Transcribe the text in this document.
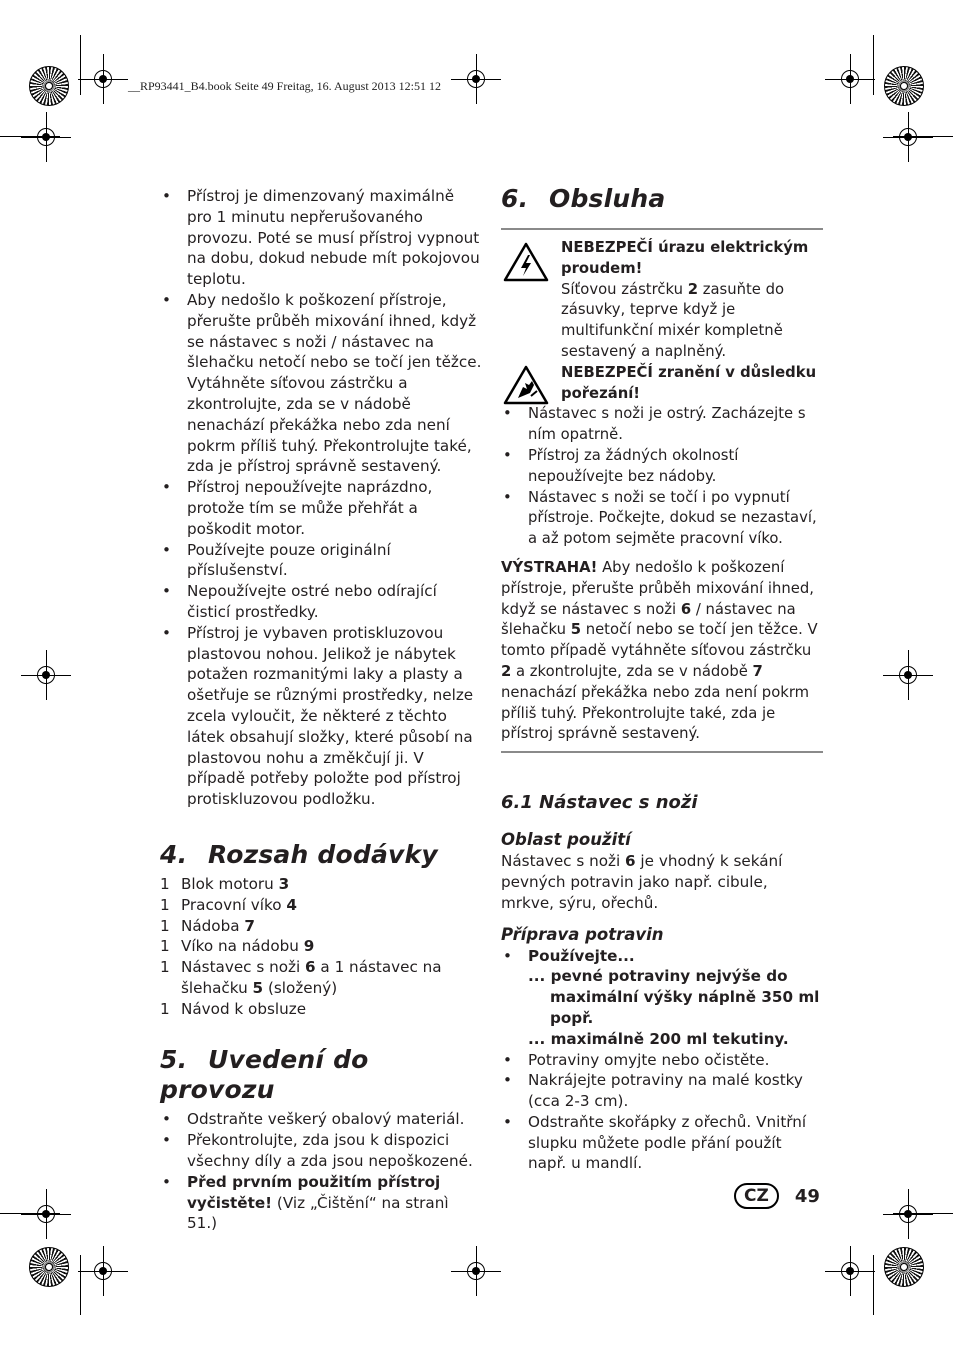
__RP93441_B4.book Seite 49 Freitag, 16. August 2013 12:51 12
• Přístroj je dimenzovaný maximálně pro 1 minutu nepřerušovaného provozu. Poté se musí přístroj vypnout na dobu, dokud nebude mít pokojovou teplotu.
• Aby nedošlo k poškození přístroje, přerušte průběh mixování ihned, když se nástavec s noži / nástavec na šlehačku netočí nebo se točí jen těžce. Vytáhněte síťovou zástrčku a zkontrolujte, zda se v nádobě nenachází překážka nebo zda není pokrm příliš tuhý. Překontrolujte také, zda je přístroj správně sestavený.
• Přístroj nepoužívejte naprázdno, protože tím se může přehřát a poškodit motor.
• Používejte pouze originální příslušenství.
• Nepoužívejte ostré nebo odírající čisticí prostředky.
• Přístroj je vybaven protiskluzovou plastovou nohou. Jelikož je nábytek potažen rozmanitými laky a plasty a ošetřuje se různými prostředky, nelze zcela vyloučit, že některé z těchto látek obsahují složky, které působí na plastovou nohu a změkčují ji. V případě potřeby položte pod přístroj protiskluzovou podložku.
4. Rozsah dodávky
1 Blok motoru 3
1 Pracovní víko 4
1 Nádoba 7
1 Víko na nádobu 9
1 Nástavec s noži 6 a 1 nástavec na šlehačku 5 (složený)
1 Návod k obsluze
5. Uvedení do provozu
• Odstraňte veškerý obalový materiál.
• Překontrolujte, zda jsou k dispozici všechny díly a zda jsou nepoškozené.
• Před prvním použitím přístroj vyčistěte! (Viz „Čištění“ na stranì 51.)
6. Obsluha

NEBEZPEČÍ úrazu elektrickým proudem!

Síťovou zástrčku 2 zasuňte do zásuvky, teprve když je multifunkční mixér kompletně sestavený a naplněný.

NEBEZPEČÍ zranění v důsledku pořezání!

• Nástavec s noži je ostrý. Zacházejte s ním opatrně.
• Přístroj za žádných okolností nepoužívejte bez nádoby.
• Nástavec s noži se točí i po vypnutí přístroje. Počkejte, dokud se nezastaví, a až potom sejměte pracovní víko.

VÝSTRAHA! Aby nedošlo k poškození přístroje, přerušte průběh mixování ihned, když se nástavec s noži 6 / nástavec na šlehačku 5 netočí nebo se točí jen těžce. V tomto případě vytáhněte síťovou zástrčku 2 a zkontrolujte, zda se v nádobě 7 nenachází překážka nebo zda není pokrm příliš tuhý. Překontrolujte také, zda je přístroj správně sestavený.

6.1 Nástavec s noži
Oblast použití

Nástavec s noži 6 je vhodný k sekání pevných potravin jako např. cibule, mrkve, sýru, ořechů.

Příprava potravin
• Používejte...
... pevné potraviny nejvýše do maximální výšky náplně 350 ml popř.
... maximálně 200 ml tekutiny.
• Potraviny omyjte nebo očistěte.
• Nakrájejte potraviny na malé kostky (cca 2-3 cm).
• Odstraňte skořápky z ořechů. Vnitřní slupku můžete podle přání použít např. u mandlí.
CZ	49
